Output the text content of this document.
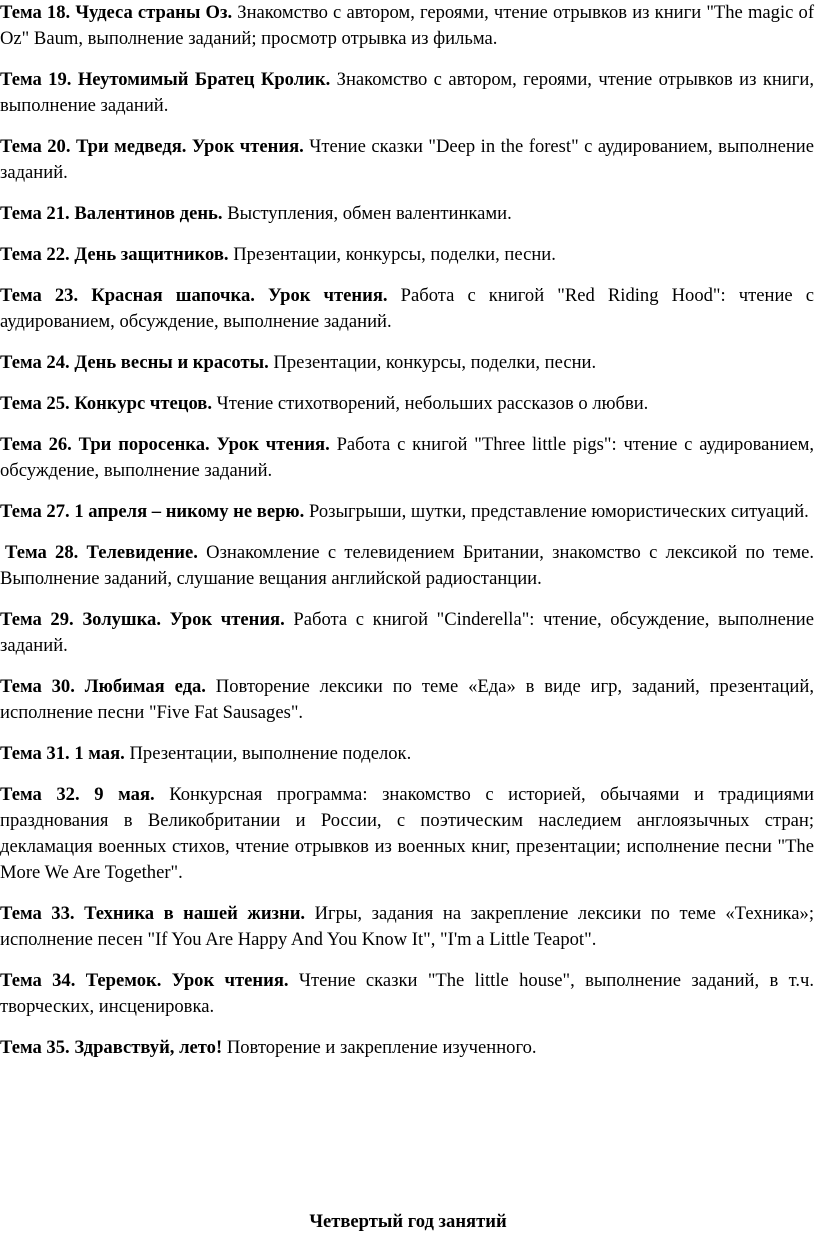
Тема 18. Чудеса страны Оз. Знакомство с автором, героями, чтение отрывков из книги "The magic of Oz" Baum, выполнение заданий; просмотр отрывка из фильма.

Тема 19. Неутомимый Братец Кролик. Знакомство с автором, героями, чтение отрывков из книги, выполнение заданий.

Тема 20. Три медведя. Урок чтения. Чтение сказки "Deep in the forest" с аудированием, выполнение заданий.

Тема 21. Валентинов день. Выступления, обмен валентинками.

Тема 22. День защитников. Презентации, конкурсы, поделки, песни.

Тема 23. Красная шапочка. Урок чтения. Работа с книгой "Red Riding Hood": чтение с аудированием, обсуждение, выполнение заданий.

Тема 24. День весны и красоты. Презентации, конкурсы, поделки, песни.

Тема 25. Конкурс чтецов. Чтение стихотворений, небольших рассказов о любви.

Тема 26. Три поросенка. Урок чтения. Работа с книгой "Three little pigs": чтение с аудированием, обсуждение, выполнение заданий.

Тема 27. 1 апреля – никому не верю. Розыгрыши, шутки, представление юмористических ситуаций.

Тема 28. Телевидение. Ознакомление с телевидением Британии, знакомство с лексикой по теме. Выполнение заданий, слушание вещания английской радиостанции.

Тема 29. Золушка. Урок чтения. Работа с книгой "Cinderella": чтение, обсуждение, выполнение заданий.

Тема 30. Любимая еда. Повторение лексики по теме «Еда» в виде игр, заданий, презентаций, исполнение песни "Five Fat Sausages".

Тема 31. 1 мая. Презентации, выполнение поделок.

Тема 32. 9 мая. Конкурсная программа: знакомство с историей, обычаями и традициями празднования в Великобритании и России, с поэтическим наследием англоязычных стран; декламация военных стихов, чтение отрывков из военных книг, презентации; исполнение песни "The More We Are Together".

Тема 33. Техника в нашей жизни. Игры, задания на закрепление лексики по теме «Техника»; исполнение песен "If You Are Happy And You Know It", "I'm a Little Teapot".

Тема 34. Теремок. Урок чтения. Чтение сказки "The little house", выполнение заданий, в т.ч. творческих, инсценировка.

Тема 35. Здравствуй, лето! Повторение и закрепление изученного.

Четвертый год занятий
